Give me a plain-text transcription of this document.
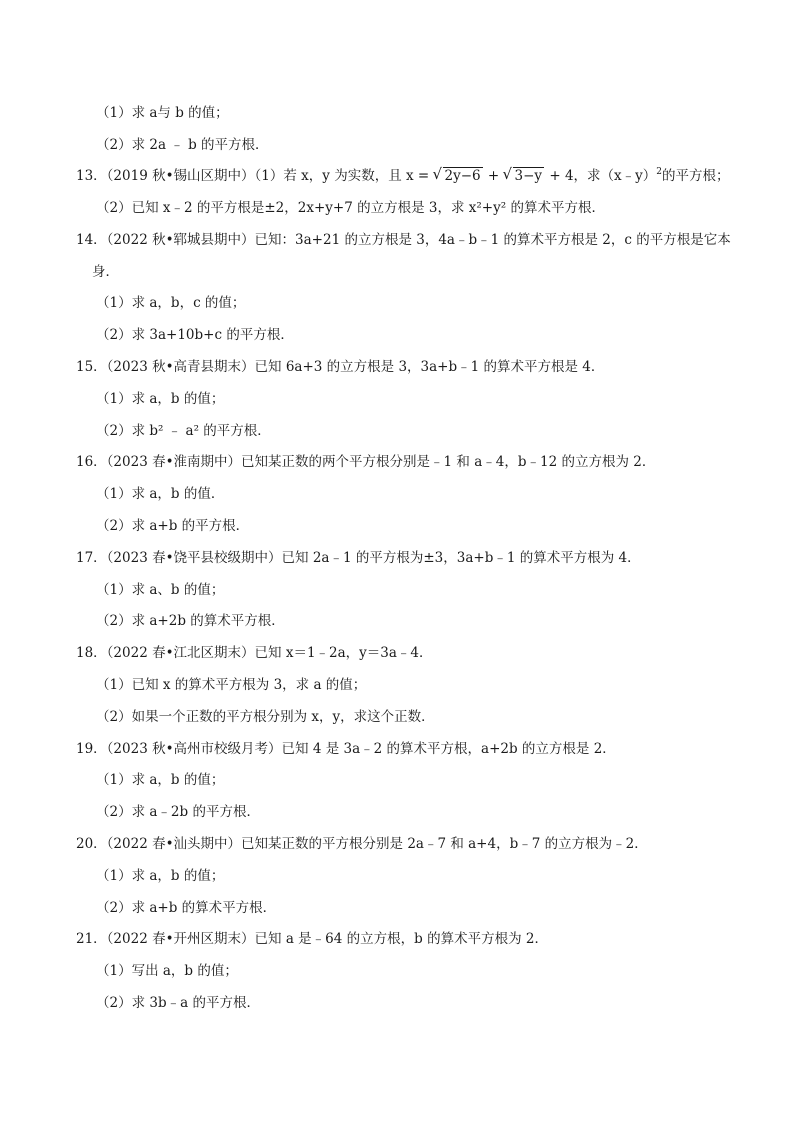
（1）求 a与 b 的值；
（2）求 2a ﹣ b 的平方根．
13．（2019 秋•锡山区期中）（1）若 x，y 为实数，且 x = √ 2y−6 + √ 3−y + 4，求（x﹣y）$^2$的平方根；
（2）已知 x﹣2 的平方根是±2，2x+y+7 的立方根是 3，求 x²+y² 的算术平方根．
14．（2022 秋•郓城县期中）已知：3a+21 的立方根是 3，4a﹣b﹣1 的算术平方根是 2，c 的平方根是它本
身．
（1）求 a，b，c 的值；
（2）求 3a+10b+c 的平方根．
15．（2023 秋•高青县期末）已知 6a+3 的立方根是 3，3a+b﹣1 的算术平方根是 4．
（1）求 a，b 的值；
（2）求 b² ﹣ a² 的平方根．
16．（2023 春•淮南期中）已知某正数的两个平方根分别是﹣1 和 a﹣4，b﹣12 的立方根为 2．
（1）求 a，b 的值．
（2）求 a+b 的平方根．
17．（2023 春•饶平县校级期中）已知 2a﹣1 的平方根为±3，3a+b﹣1 的算术平方根为 4．
（1）求 a、b 的值；
（2）求 a+2b 的算术平方根．
18．（2022 春•江北区期末）已知 x＝1﹣2a，y＝3a﹣4．
（1）已知 x 的算术平方根为 3，求 a 的值；
（2）如果一个正数的平方根分别为 x，y，求这个正数．
19．（2023 秋•高州市校级月考）已知 4 是 3a﹣2 的算术平方根，a+2b 的立方根是 2．
（1）求 a，b 的值；
（2）求 a﹣2b 的平方根．
20．（2022 春•汕头期中）已知某正数的平方根分别是 2a﹣7 和 a+4，b﹣7 的立方根为﹣2．
（1）求 a，b 的值；
（2）求 a+b 的算术平方根．
21．（2022 春•开州区期末）已知 a 是﹣64 的立方根，b 的算术平方根为 2．
（1）写出 a，b 的值；
（2）求 3b﹣a 的平方根．
